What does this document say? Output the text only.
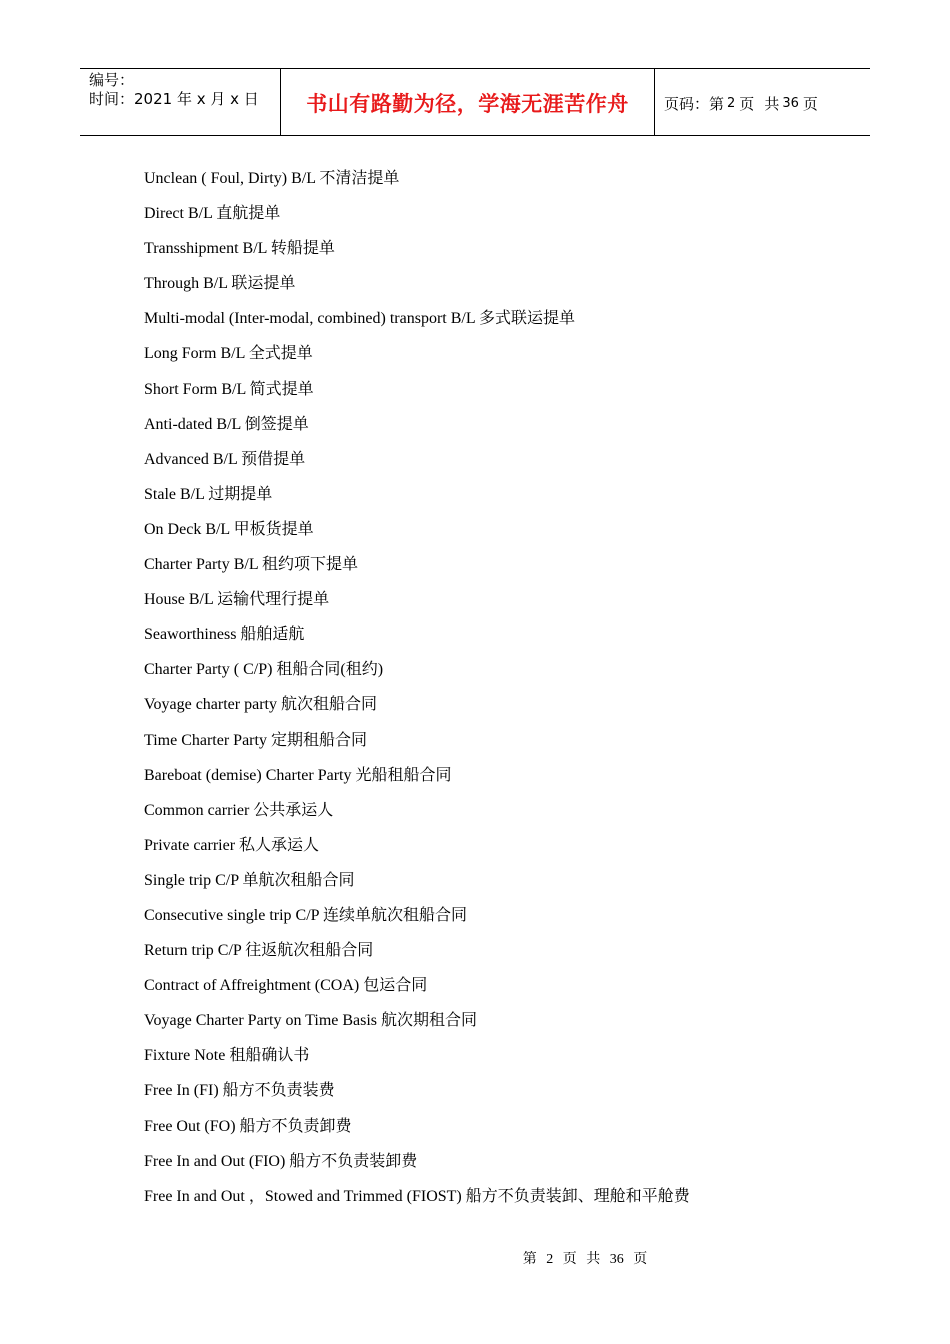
编号：
时间：2021 年 x 月 x 日	书山有路勤为径，学海无涯苦作舟	页码：第 2 页 共 36 页
Unclean ( Foul, Dirty) B/L 不清洁提单
Direct B/L 直航提单
Transshipment B/L 转船提单
Through B/L 联运提单
Multi-modal (Inter-modal, combined) transport B/L 多式联运提单
Long Form B/L 全式提单
Short Form B/L 简式提单
Anti-dated B/L 倒签提单
Advanced B/L 预借提单
Stale B/L 过期提单
On Deck B/L 甲板货提单
Charter Party B/L 租约项下提单
House B/L 运输代理行提单
Seaworthiness 船舶适航
Charter Party ( C/P) 租船合同(租约)
Voyage charter party 航次租船合同
Time Charter Party 定期租船合同
Bareboat (demise) Charter Party 光船租船合同
Common carrier 公共承运人
Private carrier 私人承运人
Single trip C/P 单航次租船合同
Consecutive single trip C/P 连续单航次租船合同
Return trip C/P 往返航次租船合同
Contract of Affreightment (COA) 包运合同
Voyage Charter Party on Time Basis 航次期租合同
Fixture Note 租船确认书
Free In (FI) 船方不负责装费
Free Out (FO) 船方不负责卸费
Free In and Out (FIO) 船方不负责装卸费
Free In and Out ，Stowed and Trimmed (FIOST) 船方不负责装卸、理舱和平舱费
第 2 页 共 36 页
